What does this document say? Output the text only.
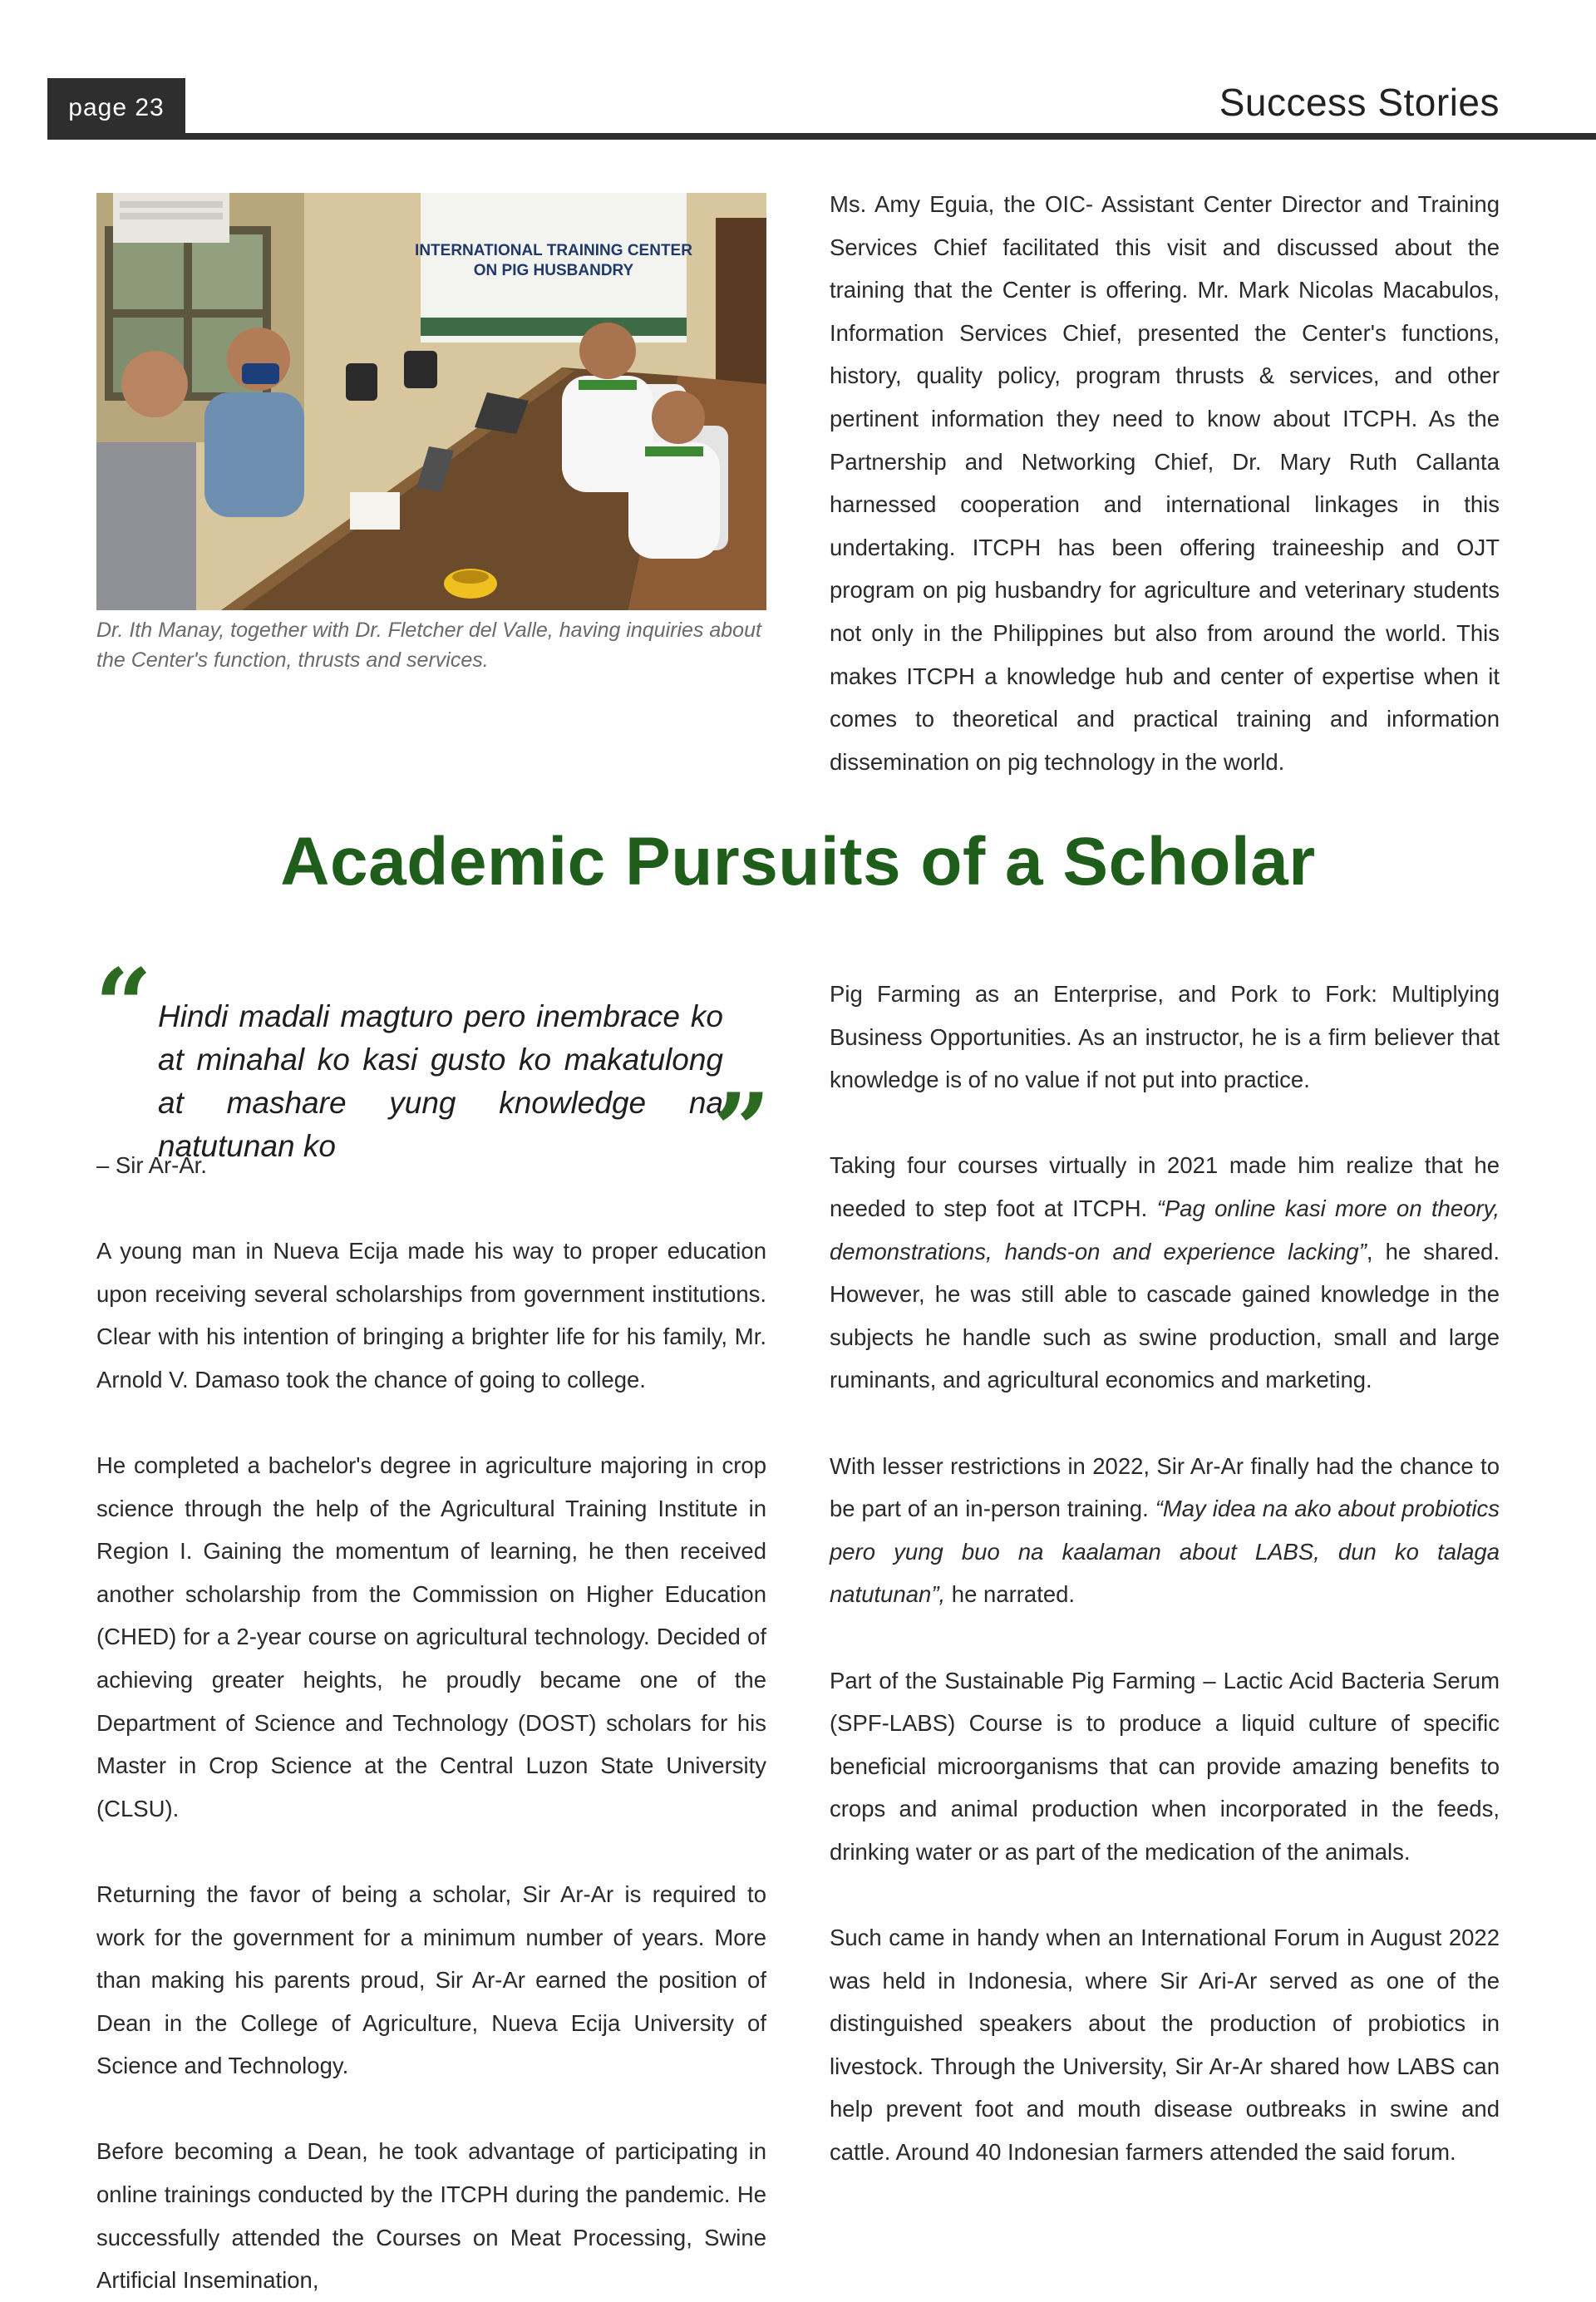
page 23	Success Stories
INTERNATIONAL TRAINING CENTER
ON PIG HUSBANDRY
Dr. Ith Manay, together with Dr. Fletcher del Valle, having inquiries about the Center's function, thrusts and services.
Ms. Amy Eguia, the OIC- Assistant Center Director and Training Services Chief facilitated this visit and discussed about the training that the Center is offering. Mr. Mark Nicolas Macabulos, Information Services Chief, presented the Center's functions, history, quality policy, program thrusts & services, and other pertinent information they need to know about ITCPH. As the Partnership and Networking Chief, Dr. Mary Ruth Callanta harnessed cooperation and international linkages in this undertaking. ITCPH has been offering traineeship and OJT program on pig husbandry for agriculture and veterinary students not only in the Philippines but also from around the world. This makes ITCPH a knowledge hub and center of expertise when it comes to theoretical and practical training and information dissemination on pig technology in the world.
Academic Pursuits of a Scholar
“ Hindi madali magturo pero inembrace ko at minahal ko kasi gusto ko makatulong at mashare yung knowledge na natutunan ko	”
– Sir Ar-Ar.

A young man in Nueva Ecija made his way to proper education upon receiving several scholarships from government institutions. Clear with his intention of bringing a brighter life for his family, Mr. Arnold V. Damaso took the chance of going to college.

He completed a bachelor's degree in agriculture majoring in crop science through the help of the Agricultural Training Institute in Region I. Gaining the momentum of learning, he then received another scholarship from the Commission on Higher Education (CHED) for a 2-year course on agricultural technology. Decided of achieving greater heights, he proudly became one of the Department of Science and Technology (DOST) scholars for his Master in Crop Science at the Central Luzon State University (CLSU).

Returning the favor of being a scholar, Sir Ar-Ar is required to work for the government for a minimum number of years. More than making his parents proud, Sir Ar-Ar earned the position of Dean in the College of Agriculture, Nueva Ecija University of Science and Technology.

Before becoming a Dean, he took advantage of participating in online trainings conducted by the ITCPH during the pandemic. He successfully attended the Courses on Meat Processing, Swine Artificial Insemination,

Pig Farming as an Enterprise, and Pork to Fork: Multiplying Business Opportunities. As an instructor, he is a firm believer that knowledge is of no value if not put into practice.

Taking four courses virtually in 2021 made him realize that he needed to step foot at ITCPH. “Pag online kasi more on theory, demonstrations, hands-on and experience lacking”, he shared. However, he was still able to cascade gained knowledge in the subjects he handle such as swine production, small and large ruminants, and agricultural economics and marketing.

With lesser restrictions in 2022, Sir Ar-Ar finally had the chance to be part of an in-person training. “May idea na ako about probiotics pero yung buo na kaalaman about LABS, dun ko talaga natutunan”, he narrated.

Part of the Sustainable Pig Farming – Lactic Acid Bacteria Serum (SPF-LABS) Course is to produce a liquid culture of specific beneficial microorganisms that can provide amazing benefits to crops and animal production when incorporated in the feeds, drinking water or as part of the medication of the animals.

Such came in handy when an International Forum in August 2022 was held in Indonesia, where Sir Ari-Ar served as one of the distinguished speakers about the production of probiotics in livestock. Through the University, Sir Ar-Ar shared how LABS can help prevent foot and mouth disease outbreaks in swine and cattle. Around 40 Indonesian farmers attended the said forum.
